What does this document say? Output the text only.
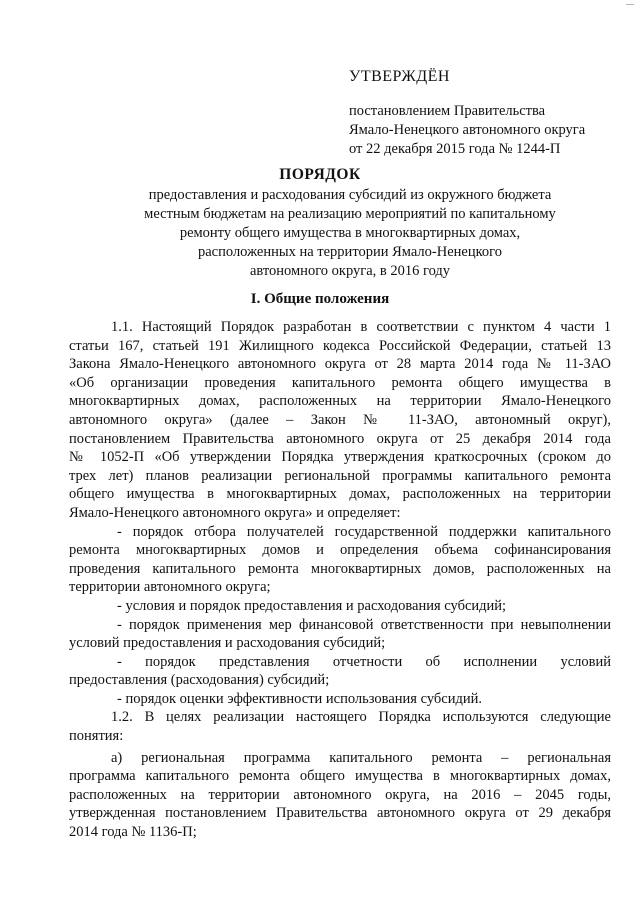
—

УТВЕРЖДЁН

постановлением Правительства

Ямало-Ненецкого автономного округа

от 22 декабря 2015 года № 1244-П

ПОРЯДОК

предоставления и расходования субсидий из окружного бюджета

местным бюджетам на реализацию мероприятий по капитальному

ремонту общего имущества в многоквартирных домах,

расположенных на территории Ямало-Ненецкого

автономного округа, в 2016 году

I. Общие положения

1.1. Настоящий Порядок разработан в соответствии с пунктом 4 части 1

статьи 167, статьей 191 Жилищного кодекса Российской Федерации, статьей 13

Закона Ямало-Ненецкого автономного округа от 28 марта 2014 года № 11-ЗАО

«Об организации проведения капитального ремонта общего имущества в

многоквартирных домах, расположенных на территории Ямало-Ненецкого

автономного округа» (далее – Закон № 11-ЗАО, автономный округ),

постановлением Правительства автономного округа от 25 декабря 2014 года

№ 1052-П «Об утверждении Порядка утверждения краткосрочных (сроком до

трех лет) планов реализации региональной программы капитального ремонта

общего имущества в многоквартирных домах, расположенных на территории

Ямало-Ненецкого автономного округа» и определяет:

- порядок отбора получателей государственной поддержки капитального

ремонта многоквартирных домов и определения объема софинансирования

проведения капитального ремонта многоквартирных домов, расположенных на

территории автономного округа;

- условия и порядок предоставления и расходования субсидий;

- порядок применения мер финансовой ответственности при невыполнении

условий предоставления и расходования субсидий;

- порядок представления отчетности об исполнении условий

предоставления (расходования) субсидий;

- порядок оценки эффективности использования субсидий.

1.2. В целях реализации настоящего Порядка используются следующие

понятия:

а) региональная программа капитального ремонта – региональная

программа капитального ремонта общего имущества в многоквартирных домах,

расположенных на территории автономного округа, на 2016 – 2045 годы,

утвержденная постановлением Правительства автономного округа от 29 декабря

2014 года № 1136-П;
